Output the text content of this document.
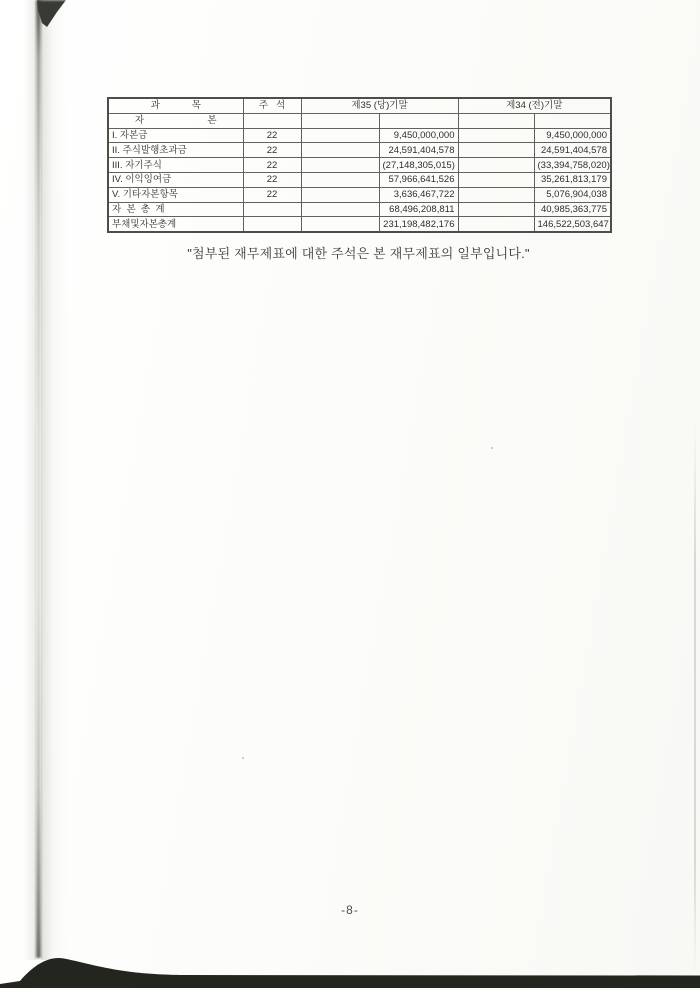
과            목	주   석	제35 (당)기말		제34 (전)기말	
자                        본					
I. 자본금	22		9,450,000,000		9,450,000,000
II. 주식발행초과금	22		24,591,404,578		24,591,404,578
III. 자기주식	22		(27,148,305,015)		(33,394,758,020)
IV. 이익잉여금	22		57,966,641,526		35,261,813,179
V. 기타자본항목	22		3,636,467,722		5,076,904,038
자  본  총  계			68,496,208,811		40,985,363,775
부채및자본총계			231,198,482,176		146,522,503,647
"첨부된 재무제표에 대한 주석은 본 재무제표의 일부입니다."
-8-
